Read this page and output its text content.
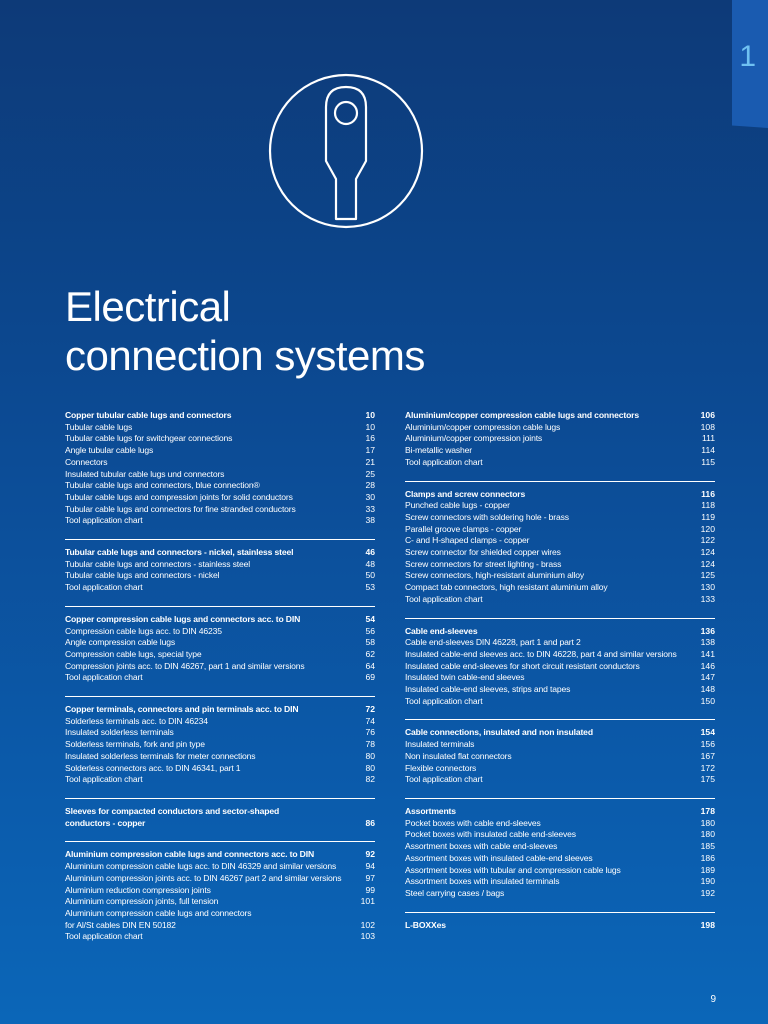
1
Electrical
connection systems
Copper tubular cable lugs and connectors	10
Tubular cable lugs	10
Tubular cable lugs for switchgear connections	16
Angle tubular cable lugs	17
Connectors	21
Insulated tubular cable lugs und connectors	25
Tubular cable lugs and connectors, blue connection®	28
Tubular cable lugs and compression joints for solid conductors	30
Tubular cable lugs and connectors for fine stranded conductors	33
Tool application chart	38
Tubular cable lugs and connectors - nickel, stainless steel	46
Tubular cable lugs and connectors - stainless steel	48
Tubular cable lugs and connectors - nickel	50
Tool application chart	53
Copper compression cable lugs and connectors acc. to DIN	54
Compression cable lugs acc. to DIN 46235	56
Angle compression cable lugs	58
Compression cable lugs, special type	62
Compression joints acc. to DIN 46267, part 1 and similar versions	64
Tool application chart	69
Copper terminals, connectors and pin terminals acc. to DIN	72
Solderless terminals acc. to DIN 46234	74
Insulated solderless terminals	76
Solderless terminals, fork and pin type	78
Insulated solderless terminals for meter connections	80
Solderless connectors acc. to DIN 46341, part 1	80
Tool application chart	82
Sleeves for compacted conductors and sector-shaped
conductors - copper	86
Aluminium compression cable lugs and connectors acc. to DIN	92
Aluminium compression cable lugs acc. to DIN 46329 and similar versions	94
Aluminium compression joints acc. to DIN 46267 part 2 and similar versions	97
Aluminium reduction compression joints	99
Aluminium compression joints, full tension	101
Aluminium compression cable lugs and connectors
for Al/St cables DIN EN 50182	102
Tool application chart	103
Aluminium/copper compression cable lugs and connectors	106
Aluminium/copper compression cable lugs	108
Aluminium/copper compression joints	111
Bi-metallic washer	114
Tool application chart	115
Clamps and screw connectors	116
Punched cable lugs - copper	118
Screw connectors with soldering hole - brass	119
Parallel groove clamps - copper	120
C- and H-shaped clamps - copper	122
Screw connector for shielded copper wires	124
Screw connectors for street lighting - brass	124
Screw connectors, high-resistant aluminium alloy	125
Compact tab connectors, high resistant aluminium alloy	130
Tool application chart	133
Cable end-sleeves	136
Cable end-sleeves DIN 46228, part 1 and part 2	138
Insulated cable-end sleeves acc. to DIN 46228, part 4 and similar versions	141
Insulated cable end-sleeves for short circuit resistant conductors	146
Insulated twin cable-end sleeves	147
Insulated cable-end sleeves, strips and tapes	148
Tool application chart	150
Cable connections, insulated and non insulated	154
Insulated terminals	156
Non insulated flat connectors	167
Flexible connectors	172
Tool application chart	175
Assortments	178
Pocket boxes with cable end-sleeves	180
Pocket boxes with insulated cable end-sleeves	180
Assortment boxes with cable end-sleeves	185
Assortment boxes with insulated cable-end sleeves	186
Assortment boxes with tubular and compression cable lugs	189
Assortment boxes with insulated terminals	190
Steel carrying cases / bags	192
L-BOXXes	198
9
